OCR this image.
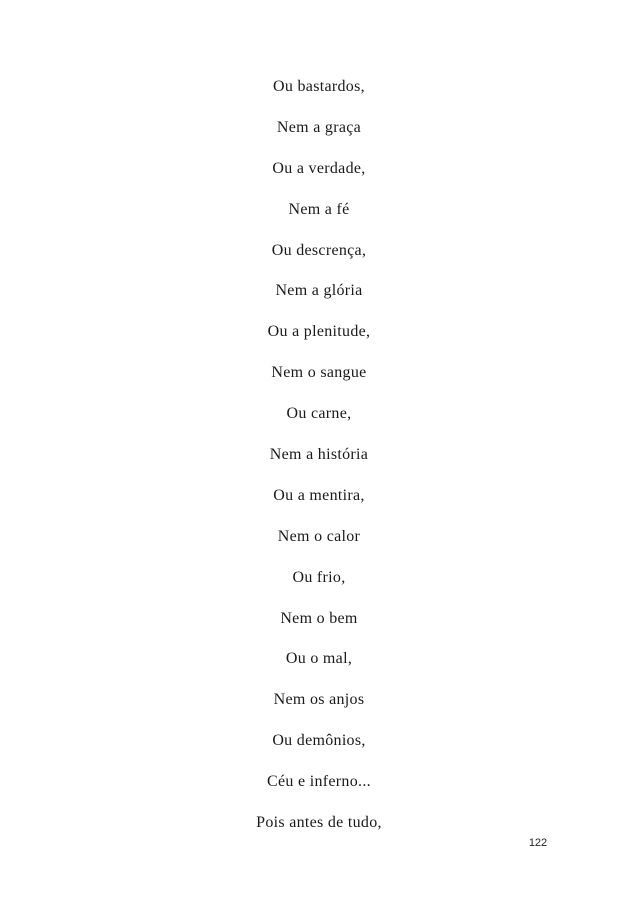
Ou bastardos,
Nem a graça
Ou a verdade,
Nem a fé
Ou descrença,
Nem a glória
Ou a plenitude,
Nem o sangue
Ou carne,
Nem a história
Ou a mentira,
Nem o calor
Ou frio,
Nem o bem
Ou o mal,
Nem os anjos
Ou demônios,
Céu e inferno...
Pois antes de tudo,
122
